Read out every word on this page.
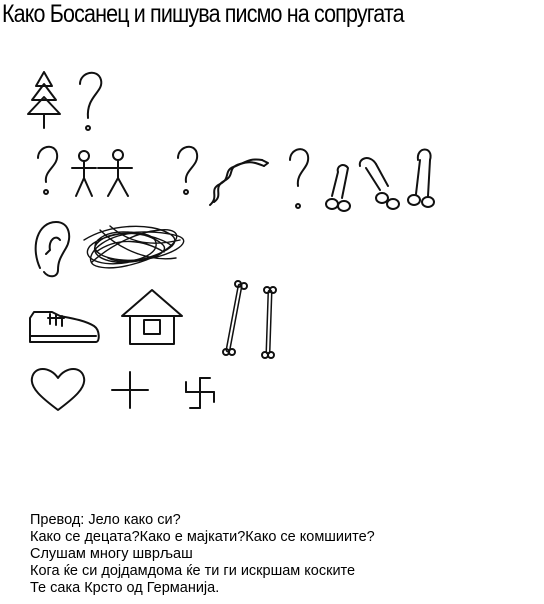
Како Босанец и пишува писмо на сопругата
Превод: Јело како си?
Како се децата?Како е мајкати?Како се комшиите?
Слушам многу шврљаш
Кога ќе си дојдамдома ќе ти ги искршам коските
Те сака Крсто од Германија.
